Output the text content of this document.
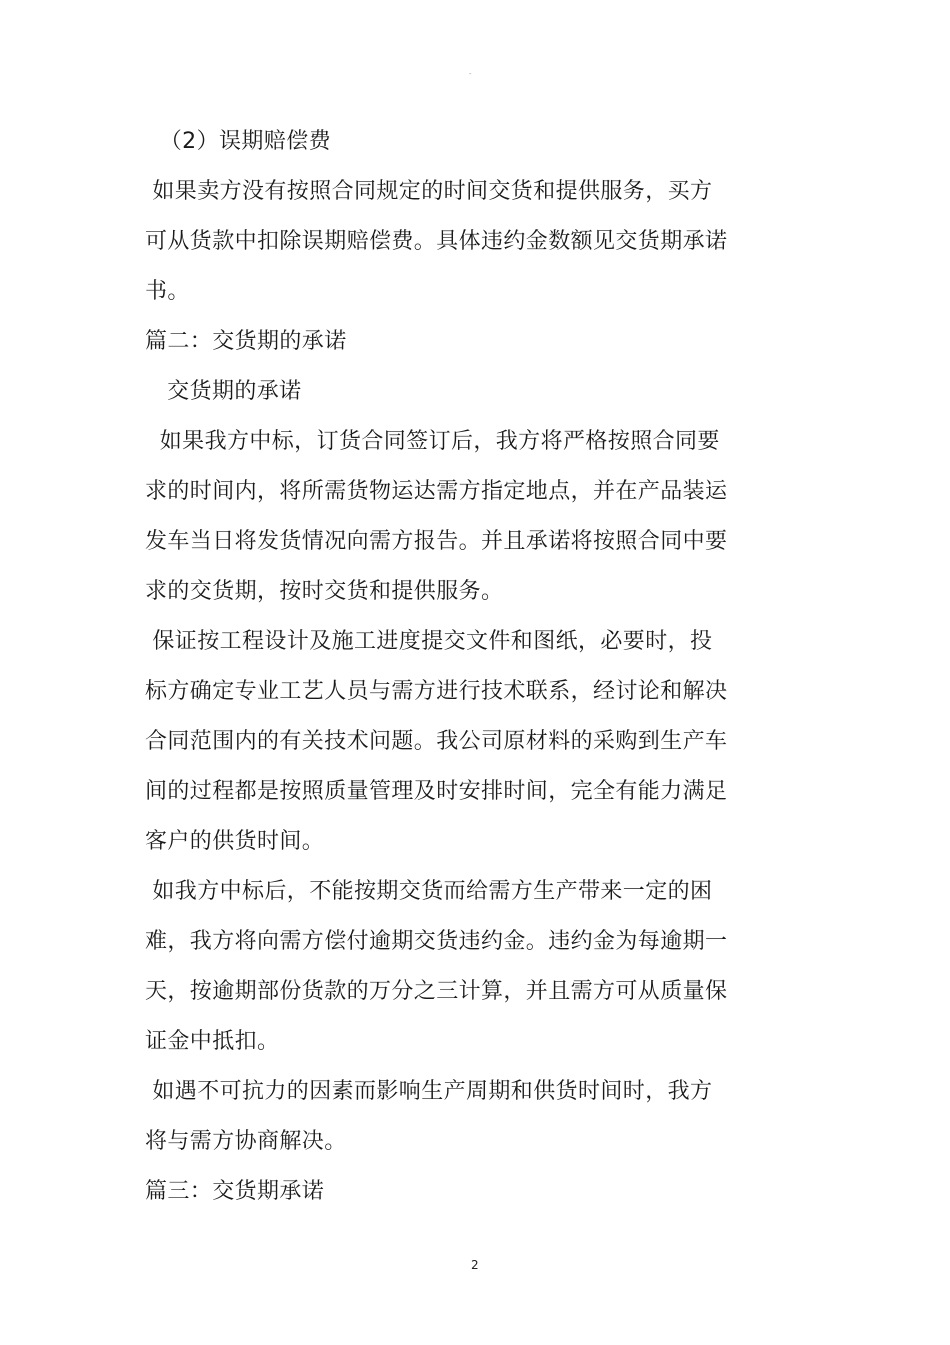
-
（2）误期赔偿费
如果卖方没有按照合同规定的时间交货和提供服务，买方
可从货款中扣除误期赔偿费。具体违约金数额见交货期承诺
书。
篇二：交货期的承诺
交货期的承诺
如果我方中标，订货合同签订后，我方将严格按照合同要
求的时间内，将所需货物运达需方指定地点，并在产品装运
发车当日将发货情况向需方报告。并且承诺将按照合同中要
求的交货期，按时交货和提供服务。
保证按工程设计及施工进度提交文件和图纸，必要时，投
标方确定专业工艺人员与需方进行技术联系，经讨论和解决
合同范围内的有关技术问题。我公司原材料的采购到生产车
间的过程都是按照质量管理及时安排时间，完全有能力满足
客户的供货时间。
如我方中标后，不能按期交货而给需方生产带来一定的困
难，我方将向需方偿付逾期交货违约金。违约金为每逾期一
天，按逾期部份货款的万分之三计算，并且需方可从质量保
证金中抵扣。
如遇不可抗力的因素而影响生产周期和供货时间时，我方
将与需方协商解决。
篇三：交货期承诺
2
